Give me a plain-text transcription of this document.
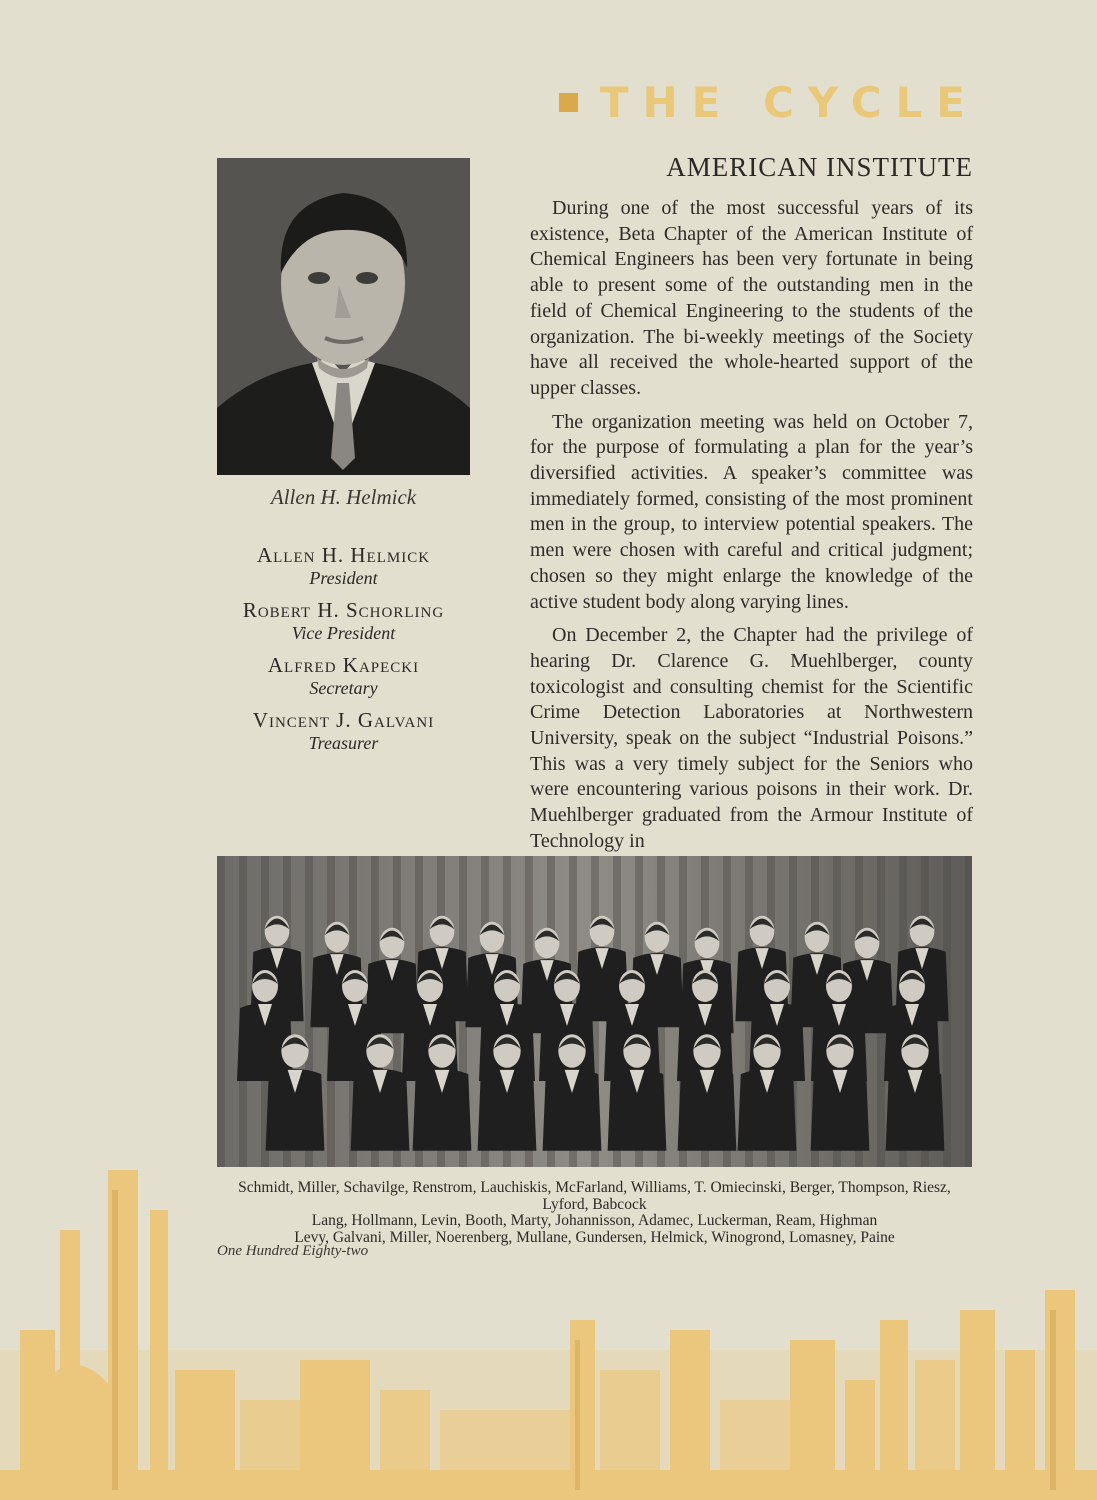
THE CYCLE
Allen H. Helmick
Allen H. Helmick
President
Robert H. Schorling
Vice President
Alfred Kapecki
Secretary
Vincent J. Galvani
Treasurer
AMERICAN INSTITUTE

During one of the most successful years of its existence, Beta Chapter of the American Institute of Chemical Engineers has been very fortunate in being able to present some of the outstanding men in the field of Chemical Engineering to the students of the organization. The bi-weekly meetings of the Society have all received the whole-hearted support of the upper classes.

The organization meeting was held on October 7, for the purpose of formulating a plan for the year’s diversified activities. A speaker’s committee was immediately formed, consisting of the most prominent men in the group, to interview potential speakers. The men were chosen with careful and critical judgment; chosen so they might enlarge the knowledge of the active student body along varying lines.

On December 2, the Chapter had the privilege of hearing Dr. Clarence G. Muehlberger, county toxicologist and consulting chemist for the Scientific Crime Detection Laboratories at Northwestern University, speak on the subject “Industrial Poisons.” This was a very timely subject for the Seniors who were encountering various poisons in their work. Dr. Muehlberger graduated from the Armour Institute of Technology in

Schmidt, Miller, Schavilge, Renstrom, Lauchiskis, McFarland, Williams, T. Omiecinski, Berger, Thompson, Riesz, Lyford, Babcock
Lang, Hollmann, Levin, Booth, Marty, Johannisson, Adamec, Luckerman, Ream, Highman
Levy, Galvani, Miller, Noerenberg, Mullane, Gundersen, Helmick, Winogrond, Lomasney, Paine
One Hundred Eighty-two
